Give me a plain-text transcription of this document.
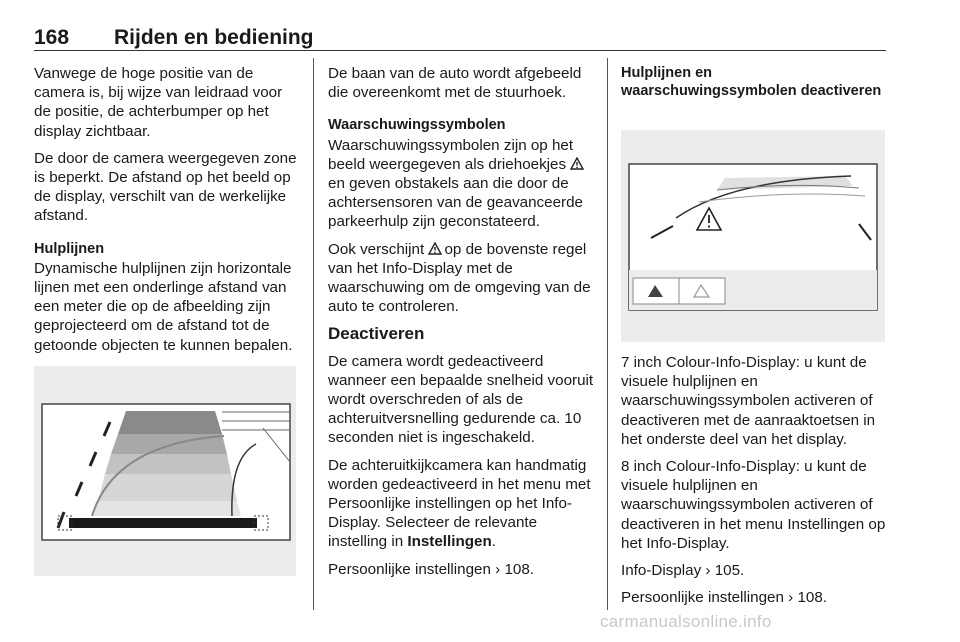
168 Rijden en bediening

Vanwege de hoge positie van de camera is, bij wijze van leidraad voor de positie, de achterbumper op het display zichtbaar.

De door de camera weergegeven zone is beperkt. De afstand op het beeld op de display, verschilt van de werkelijke afstand.

Hulplijnen

Dynamische hulplijnen zijn horizontale lijnen met een onderlinge afstand van een meter die op de afbeelding zijn geprojecteerd om de afstand tot de getoonde objecten te kunnen bepalen.

De baan van de auto wordt afgebeeld die overeenkomt met de stuurhoek.

Waarschuwingssymbolen

Waarschuwingssymbolen zijn op het beeld weergegeven als driehoekjes en geven obstakels aan die door de achtersensoren van de geavanceerde parkeerhulp zijn geconstateerd.

Ook verschijnt op de bovenste regel van het Info-Display met de waarschuwing om de omgeving van de auto te controleren.

Deactiveren

De camera wordt gedeactiveerd wanneer een bepaalde snelheid vooruit wordt overschreden of als de achteruitversnelling gedurende ca. 10 seconden niet is ingeschakeld.

De achteruitkijkcamera kan handmatig worden gedeactiveerd in het menu met Persoonlijke instellingen op het Info-Display. Selecteer de relevante instelling in Instellingen.

Persoonlijke instellingen › 108.

Hulplijnen en waarschuwingssymbolen deactiveren

7 inch Colour-Info-Display: u kunt de visuele hulplijnen en waarschuwingssymbolen activeren of deactiveren met de aanraaktoetsen in het onderste deel van het display.

8 inch Colour-Info-Display: u kunt de visuele hulplijnen en waarschuwingssymbolen activeren of deactiveren in het menu Instellingen op het Info-Display.

Info-Display › 105.

Persoonlijke instellingen › 108.

carmanualsonline.info
